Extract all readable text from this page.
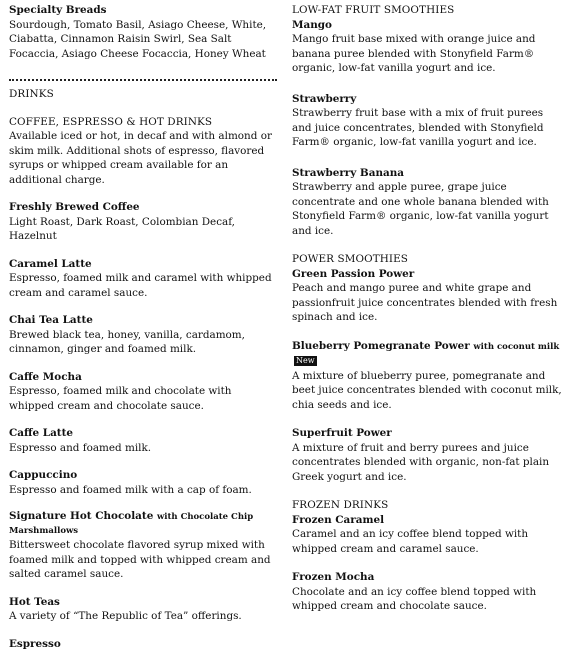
Specialty Breads

Sourdough, Tomato Basil, Asiago Cheese, White, Ciabatta, Cinnamon Raisin Swirl, Sea Salt Focaccia, Asiago Cheese Focaccia, Honey Wheat

DRINKS

COFFEE, ESPRESSO & HOT DRINKS

Available iced or hot, in decaf and with almond or skim milk. Additional shots of espresso, flavored syrups or whipped cream available for an additional charge.

Freshly Brewed Coffee

Light Roast, Dark Roast, Colombian Decaf, Hazelnut

Caramel Latte

Espresso, foamed milk and caramel with whipped cream and caramel sauce.

Chai Tea Latte

Brewed black tea, honey, vanilla, cardamom, cinnamon, ginger and foamed milk.

Caffe Mocha

Espresso, foamed milk and chocolate with whipped cream and chocolate sauce.

Caffe Latte

Espresso and foamed milk.

Cappuccino

Espresso and foamed milk with a cap of foam.

Signature Hot Chocolate with Chocolate Chip Marshmallows

Bittersweet chocolate flavored syrup mixed with foamed milk and topped with whipped cream and salted caramel sauce.

Hot Teas

A variety of “The Republic of Tea” offerings.

Espresso

LOW-FAT FRUIT SMOOTHIES

Mango

Mango fruit base mixed with orange juice and banana puree blended with Stonyfield Farm® organic, low-fat vanilla yogurt and ice.

Strawberry

Strawberry fruit base with a mix of fruit purees and juice concentrates, blended with Stonyfield Farm® organic, low-fat vanilla yogurt and ice.

Strawberry Banana

Strawberry and apple puree, grape juice concentrate and one whole banana blended with Stonyfield Farm® organic, low-fat vanilla yogurt and ice.

POWER SMOOTHIES

Green Passion Power

Peach and mango puree and white grape and passionfruit juice concentrates blended with fresh spinach and ice.

Blueberry Pomegranate Power with coconut milkNew

A mixture of blueberry puree, pomegranate and beet juice concentrates blended with coconut milk, chia seeds and ice.

Superfruit Power

A mixture of fruit and berry purees and juice concentrates blended with organic, non-fat plain Greek yogurt and ice.

FROZEN DRINKS

Frozen Caramel

Caramel and an icy coffee blend topped with whipped cream and caramel sauce.

Frozen Mocha

Chocolate and an icy coffee blend topped with whipped cream and chocolate sauce.
